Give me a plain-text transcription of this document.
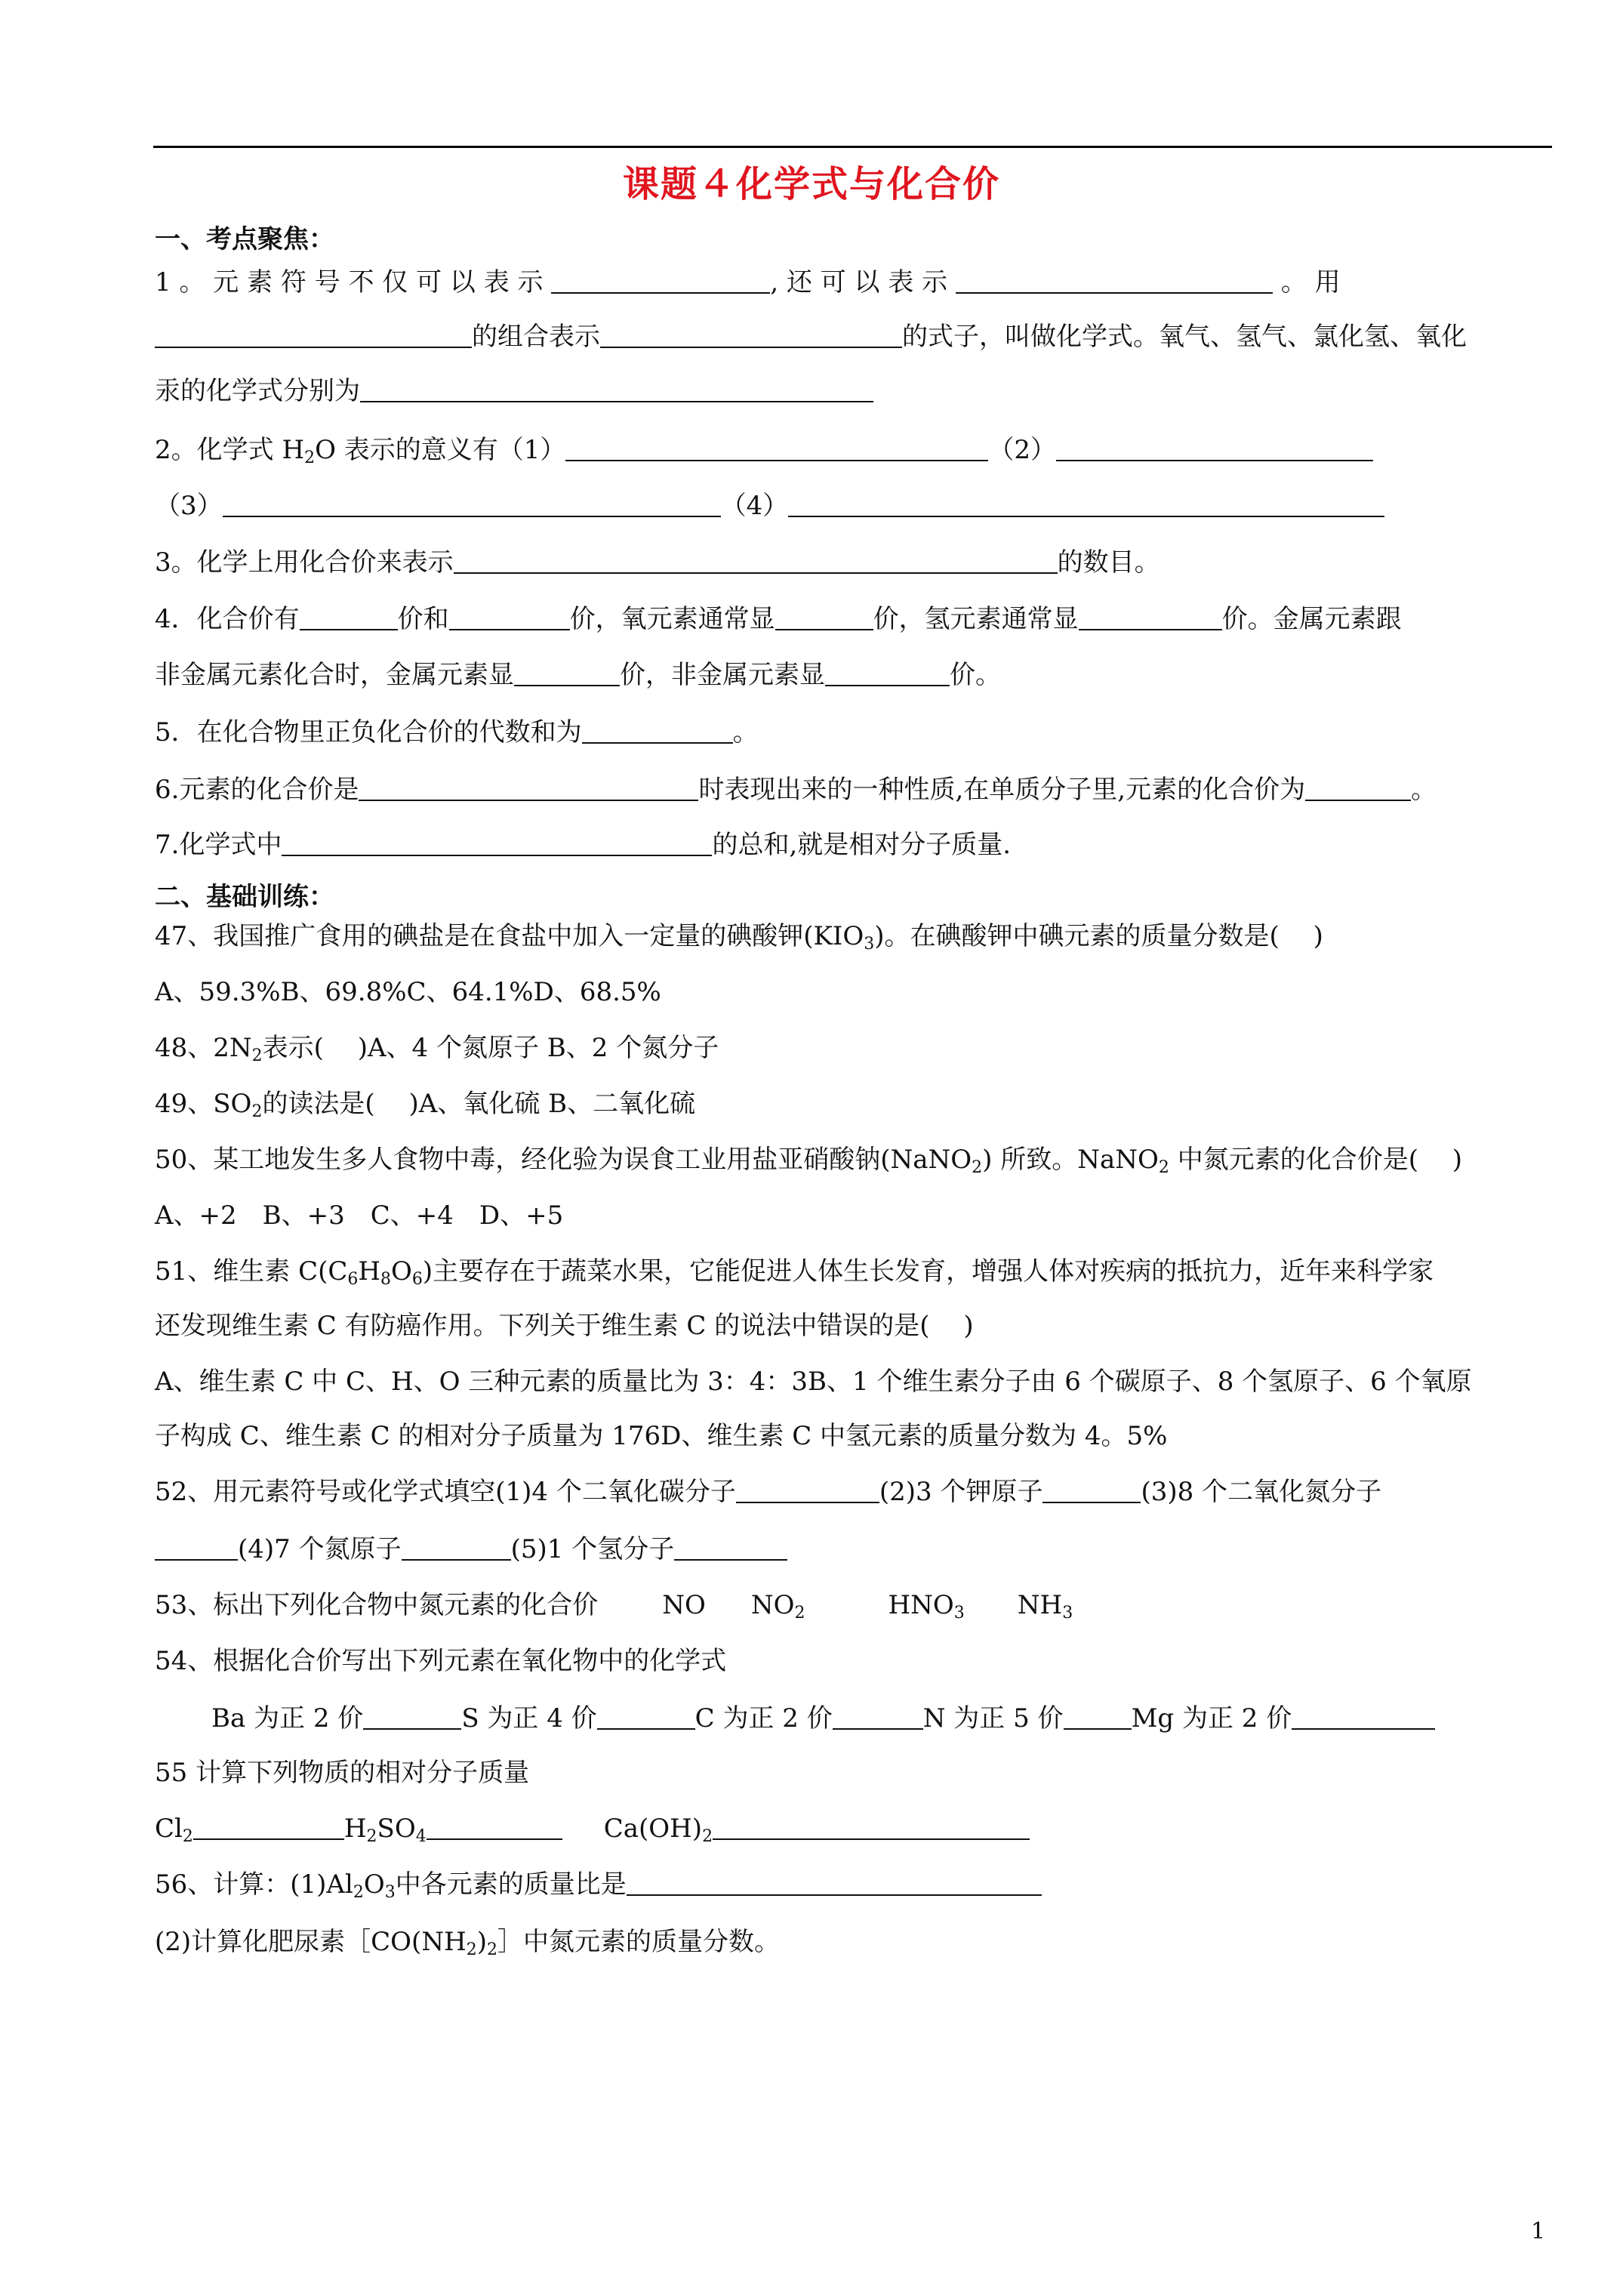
课题４化学式与化合价
一、考点聚焦：
1 。 元 素 符 号 不 仅 可 以 表 示	, 还 可 以 表 示	。 用
的组合表示	的式子，叫做化学式。氧气、氢气、氯化氢、氧化
汞的化学式分别为
2。化学式 $H_2O$ 表示的意义有（1）	（2）
（3）	（4）
3。化学上用化合价来表示	的数目。
4．化合价有	价和	价，氧元素通常显	价，氢元素通常显	价。金属元素跟
非金属元素化合时，金属元素显	价，非金属元素显	价。
5．在化合物里正负化合价的代数和为	。
6.元素的化合价是	时表现出来的一种性质,在单质分子里,元素的化合价为	。
7.化学式中	的总和,就是相对分子质量.
二、基础训练：
47、我国推广食用的碘盐是在食盐中加入一定量的碘酸钾$(KIO_3)$。在碘酸钾中碘元素的质量分数是(　 )
A、59.3%B、69.8%C、64.1%D、68.5%
48、$2N_2$表示(　 )A、4 个氮原子 B、2 个氮分子
49、$SO_2$的读法是(　 )A、氧化硫 B、二氧化硫
50、某工地发生多人食物中毒，经化验为误食工业用盐亚硝酸钠(NaNO$_2$) 所致。NaNO$_2$ 中氮元素的化合价是(　 )
A、+2　B、+3　C、+4　D、+5
51、维生素 $C(C_6H_8O_6)$主要存在于蔬菜水果，它能促进人体生长发育，增强人体对疾病的抵抗力，近年来科学家
还发现维生素 C 有防癌作用。下列关于维生素 C 的说法中错误的是(　 )
A、维生素 C 中 C、H、O 三种元素的质量比为 3：4：3B、1 个维生素分子由 6 个碳原子、8 个氢原子、6 个氧原
子构成 C、维生素 C 的相对分子质量为 176D、维生素 C 中氢元素的质量分数为 4。5%
52、用元素符号或化学式填空(1)4 个二氧化碳分子	(2)3 个钾原子	(3)8 个二氧化氮分子
(4)7 个氮原子	(5)1 个氢分子
53、标出下列化合物中氮元素的化合价	NO $NO_2$	$HNO_3$ $NH_3$
54、根据化合价写出下列元素在氧化物中的化学式
Ba 为正 2 价	S 为正 4 价	C 为正 2 价	N 为正 5 价	Mg 为正 2 价
55 计算下列物质的相对分子质量
$Cl_2$	$H_2SO_4$	$Ca(OH)_2$
56、计算：$(1)Al_2O_3$中各元素的质量比是
(2)计算化肥尿素$[CO(NH_2)_2]$中氮元素的质量分数。
1
